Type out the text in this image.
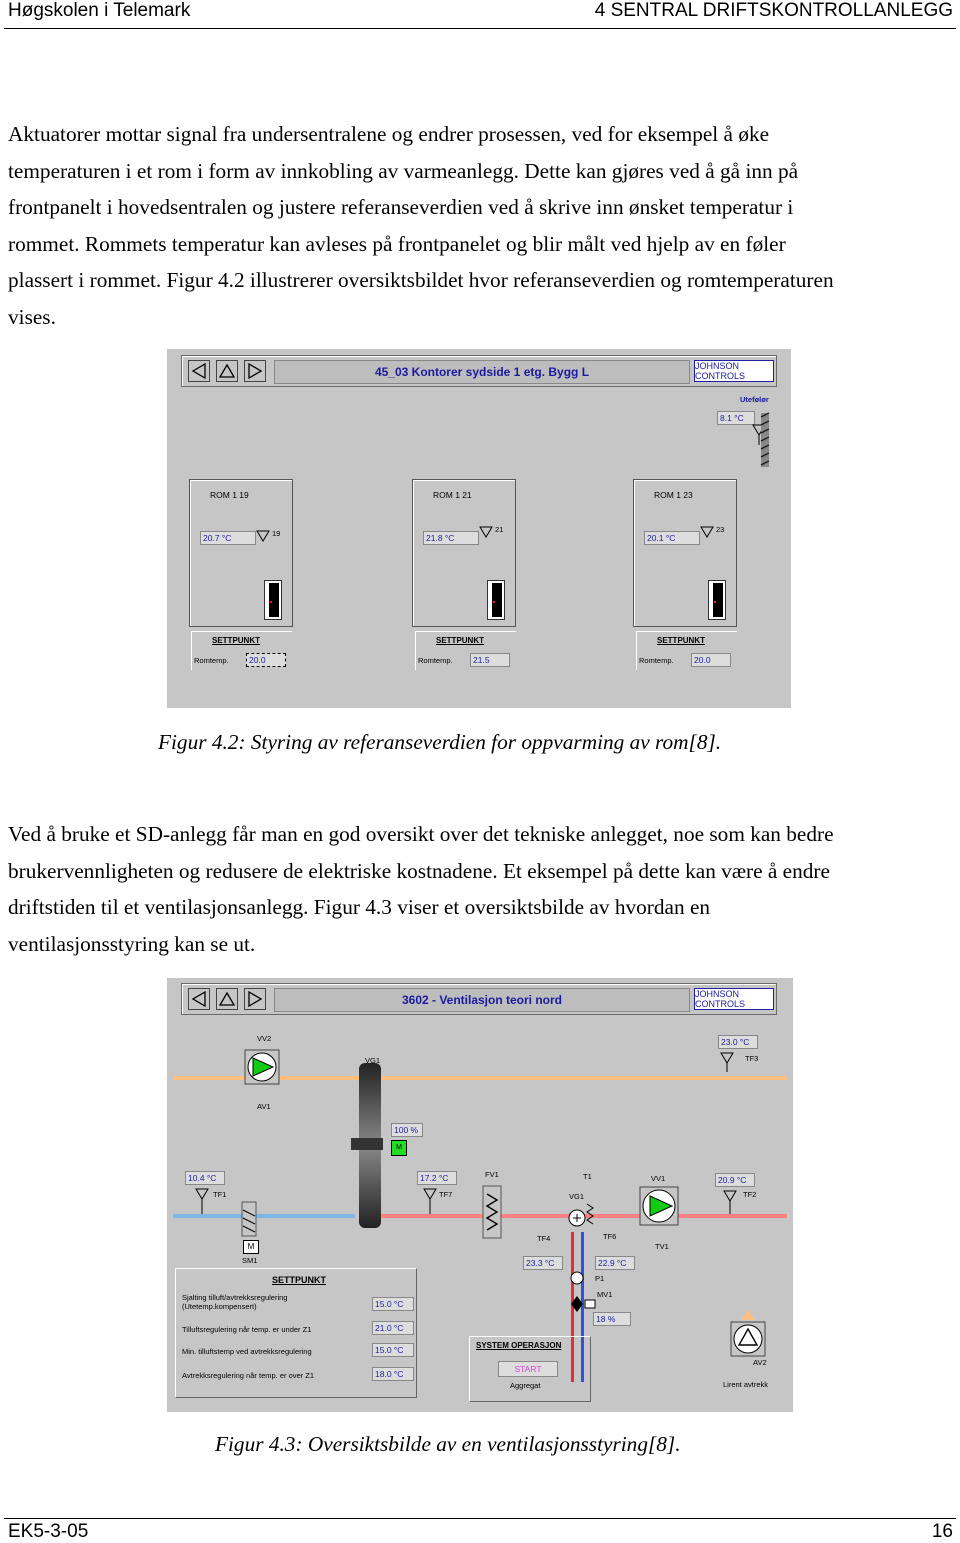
Høgskolen i Telemark	4 SENTRAL DRIFTSKONTROLLANLEGG
Aktuatorer mottar signal fra undersentralene og endrer prosessen, ved for eksempel å øke
temperaturen i et rom i form av innkobling av varmeanlegg. Dette kan gjøres ved å gå inn på
frontpanelt i hovedsentralen og justere referanseverdien ved å skrive inn ønsket temperatur i
rommet. Rommets temperatur kan avleses på frontpanelet og blir målt ved hjelp av en føler
plassert i rommet. Figur 4.2 illustrerer oversiktsbildet hvor referanseverdien og romtemperaturen
vises.
45_03 Kontorer sydside 1 etg. Bygg L	JOHNSON CONTROLS
Utefølør
8.1 °C
ROM 1 19
20.7 °C	19
SETTPUNKT
Romtemp.	20.0
ROM 1 21
21.8 °C
21
SETTPUNKT
Romtemp.	21.5
ROM 1 23
20.1 °C
23
SETTPUNKT
Romtemp.	20.0
Figur 4.2: Styring av referanseverdien for oppvarming av rom[8].
Ved å bruke et SD-anlegg får man en god oversikt over det tekniske anlegget, noe som kan bedre
brukervennligheten og redusere de elektriske kostnadene. Et eksempel på dette kan være å endre
driftstiden til et ventilasjonsanlegg. Figur 4.3 viser et oversiktsbilde av hvordan en
ventilasjonsstyring kan se ut.
3602 - Ventilasjon teori nord	JOHNSON CONTROLS
VG1
100 %
M
VV2
AV1
23.0 °C
TF3
10.4 °C
TF1
M
SM1
17.2 °C
TF7
FV1	T1
VG1
VV1
TV1
20.9 °C
TF2
TF4	TF6
23.3 °C	22.9 °C
P1
MV1
18 %
AV2
Lirent avtrekk
SETTPUNKT
Sjalting tilluft/avtrekksregulering
(Utetemp.kompensert)	15.0 °C
Tilluftsregulering når temp. er under Z1	21.0 °C
Min. tilluftstemp ved avtrekksregulering	15.0 °C
Avtrekksregulering når temp. er over Z1	18.0 °C
SYSTEM OPERASJON
START
Aggregat
Figur 4.3: Oversiktsbilde av en ventilasjonsstyring[8].
EK5-3-05	16
